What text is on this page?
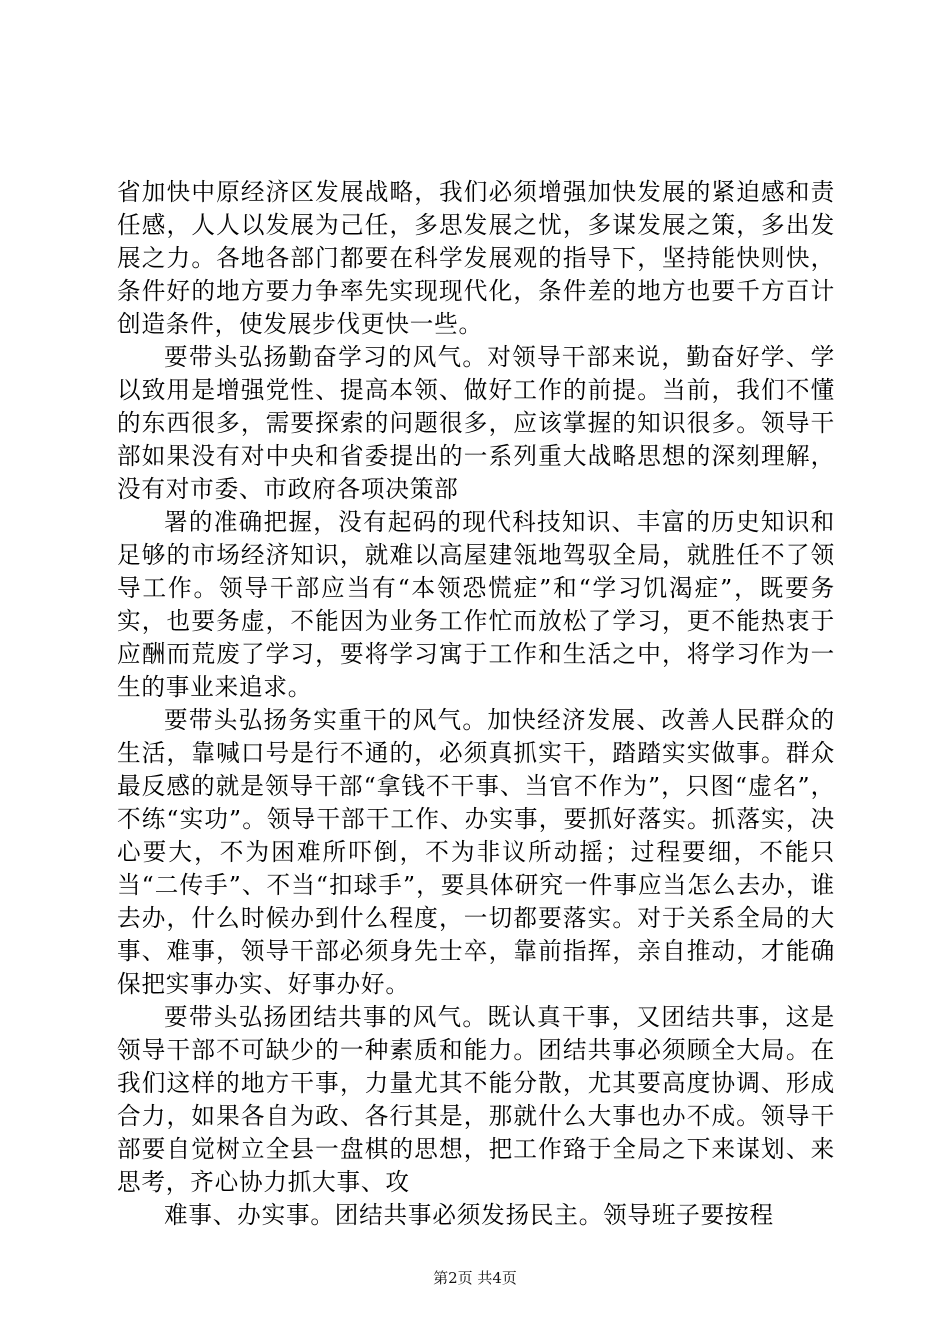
省加快中原经济区发展战略，我们必须增强加快发展的紧迫感和责任感，人人以发展为己任，多思发展之忧，多谋发展之策，多出发展之力。各地各部门都要在科学发展观的指导下，坚持能快则快，条件好的地方要力争率先实现现代化，条件差的地方也要千方百计创造条件，使发展步伐更快一些。

要带头弘扬勤奋学习的风气。对领导干部来说，勤奋好学、学以致用是增强党性、提高本领、做好工作的前提。当前，我们不懂的东西很多，需要探索的问题很多，应该掌握的知识很多。领导干部如果没有对中央和省委提出的一系列重大战略思想的深刻理解，没有对市委、市政府各项决策部

署的准确把握，没有起码的现代科技知识、丰富的历史知识和足够的市场经济知识，就难以高屋建瓴地驾驭全局，就胜任不了领导工作。领导干部应当有“本领恐慌症”和“学习饥渴症”，既要务实，也要务虚，不能因为业务工作忙而放松了学习，更不能热衷于应酬而荒废了学习，要将学习寓于工作和生活之中，将学习作为一生的事业来追求。

要带头弘扬务实重干的风气。加快经济发展、改善人民群众的生活，靠喊口号是行不通的，必须真抓实干，踏踏实实做事。群众最反感的就是领导干部“拿钱不干事、当官不作为”，只图“虚名”，不练“实功”。领导干部干工作、办实事，要抓好落实。抓落实，决心要大，不为困难所吓倒，不为非议所动摇；过程要细，不能只当“二传手”、不当“扣球手”，要具体研究一件事应当怎么去办，谁去办，什么时候办到什么程度，一切都要落实。对于关系全局的大事、难事，领导干部必须身先士卒，靠前指挥，亲自推动，才能确保把实事办实、好事办好。

要带头弘扬团结共事的风气。既认真干事，又团结共事，这是领导干部不可缺少的一种素质和能力。团结共事必须顾全大局。在我们这样的地方干事，力量尤其不能分散，尤其要高度协调、形成合力，如果各自为政、各行其是，那就什么大事也办不成。领导干部要自觉树立全县一盘棋的思想，把工作臵于全局之下来谋划、来思考，齐心协力抓大事、攻

难事、办实事。团结共事必须发扬民主。领导班子要按程

第2页 共4页
